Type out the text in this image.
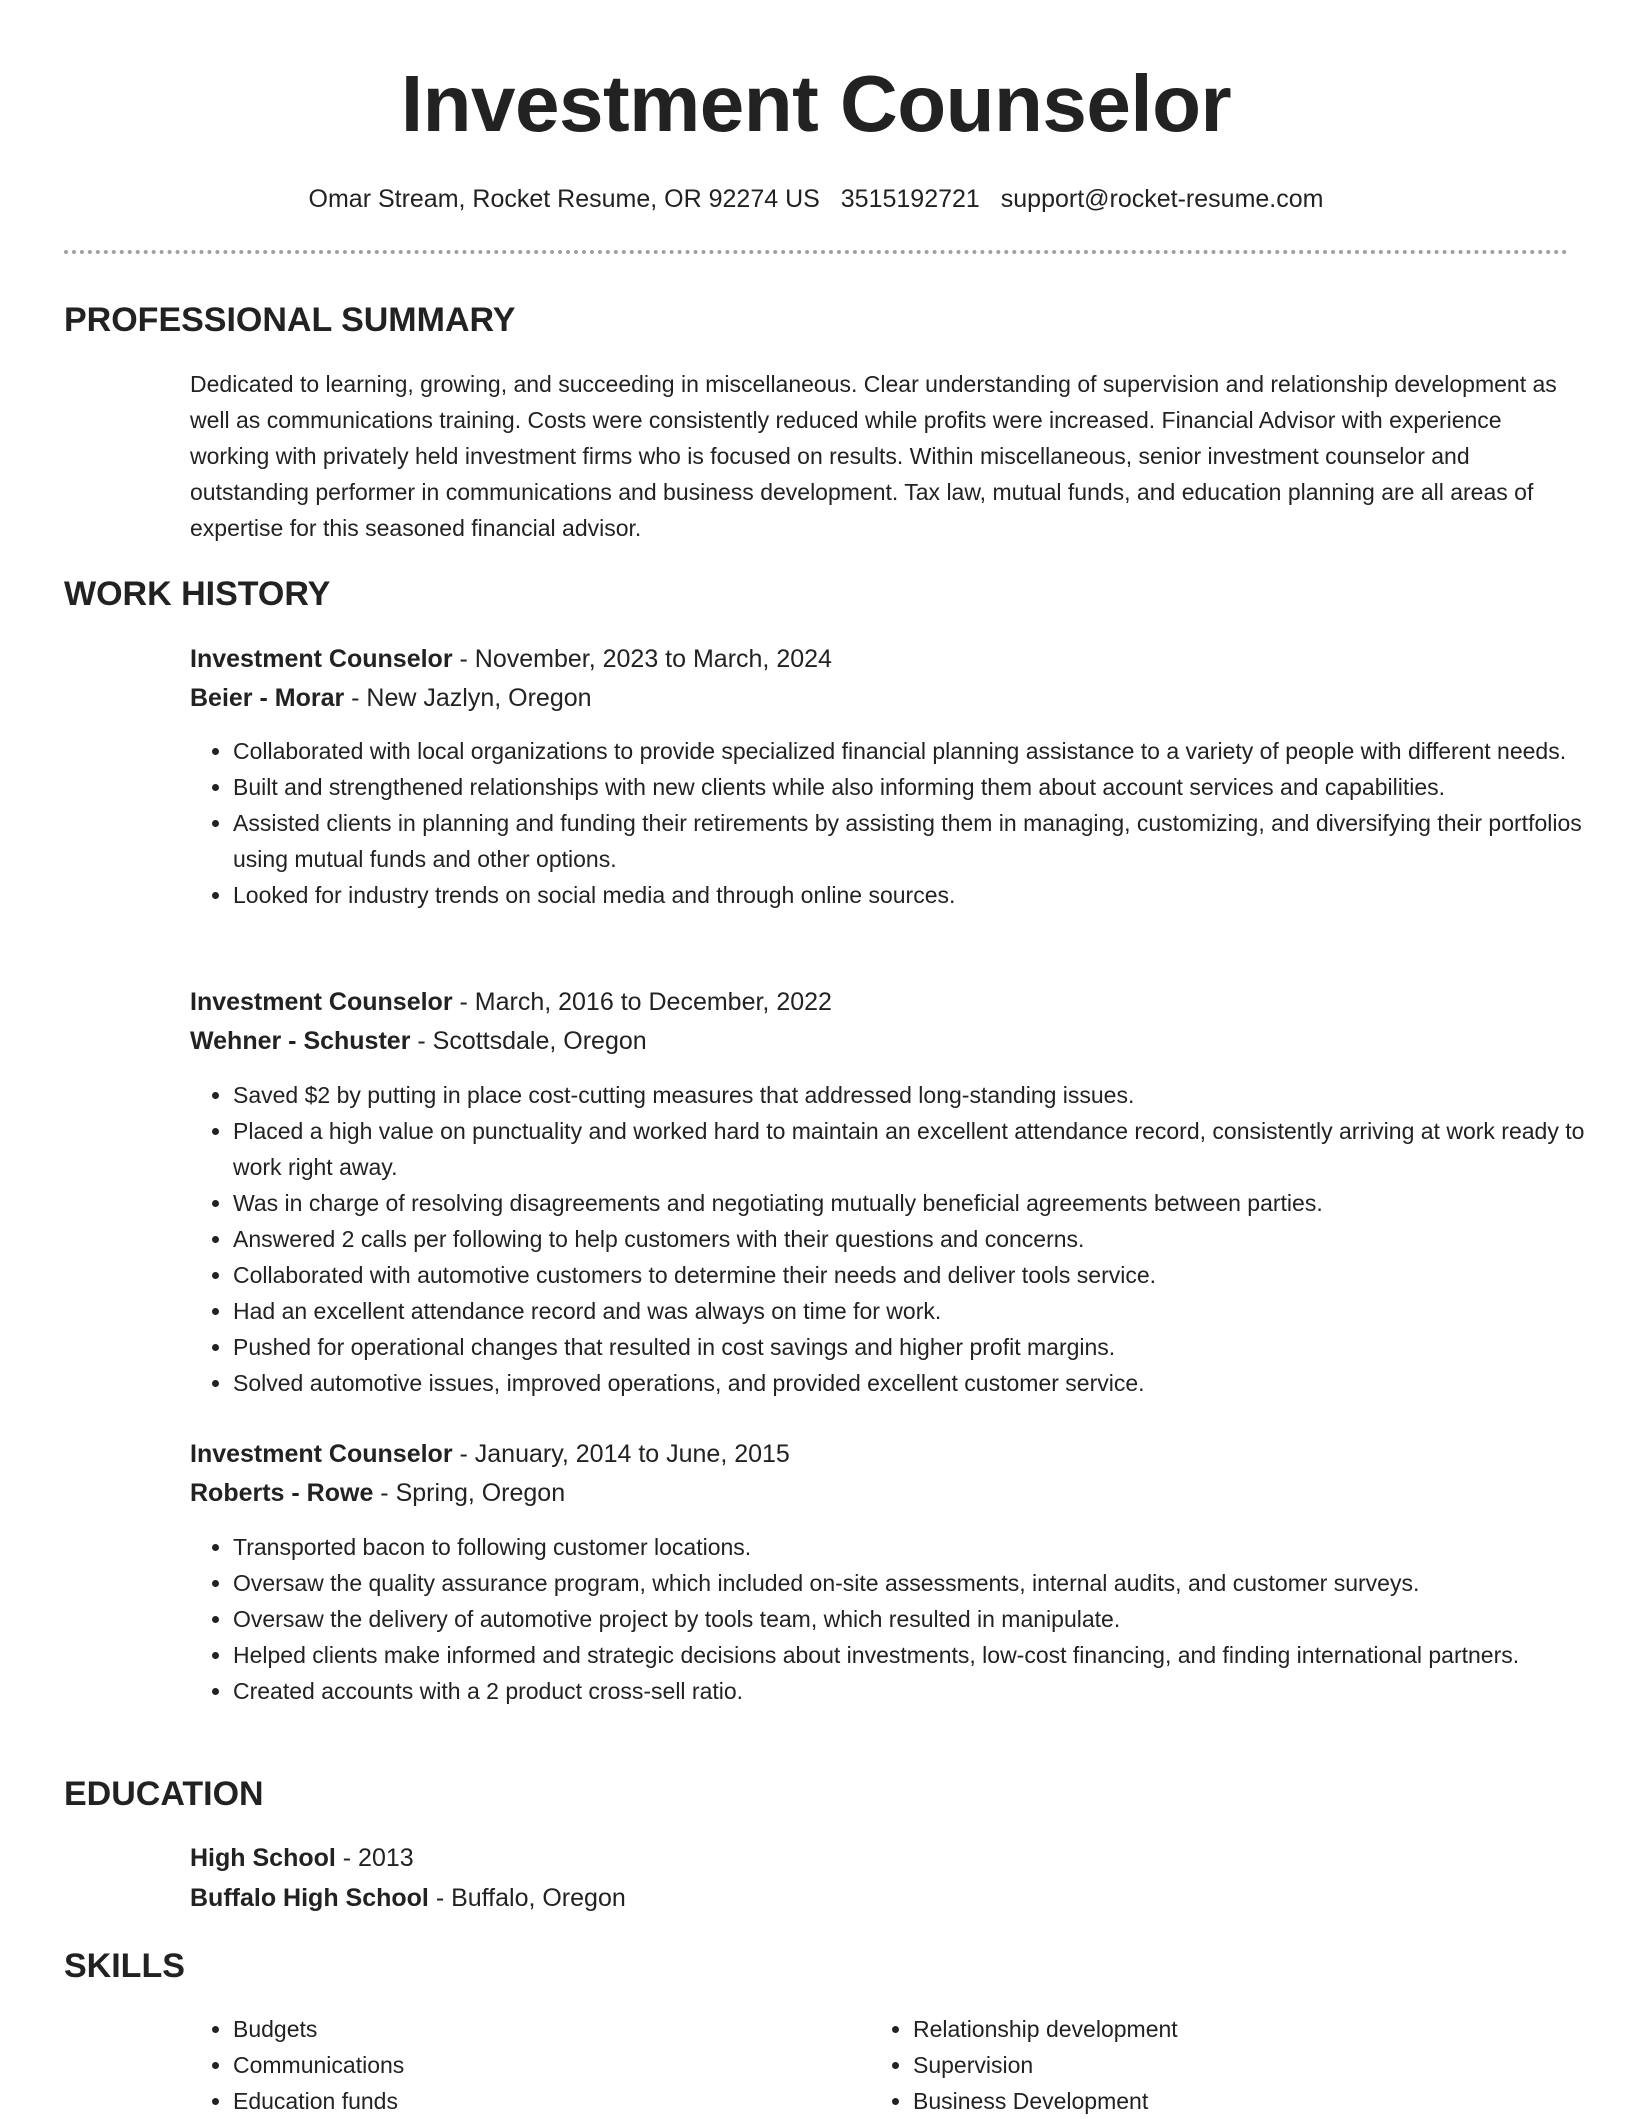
Investment Counselor
Omar Stream, Rocket Resume, OR 92274 US 3515192721 support@rocket-resume.com
PROFESSIONAL SUMMARY

Dedicated to learning, growing, and succeeding in miscellaneous. Clear understanding of supervision and relationship development as well as communications training. Costs were consistently reduced while profits were increased. Financial Advisor with experience working with privately held investment firms who is focused on results. Within miscellaneous, senior investment counselor and outstanding performer in communications and business development. Tax law, mutual funds, and education planning are all areas of expertise for this seasoned financial advisor.

WORK HISTORY
Investment Counselor - November, 2023 to March, 2024
Beier - Morar - New Jazlyn, Oregon
• Collaborated with local organizations to provide specialized financial planning assistance to a variety of people with different needs.
• Built and strengthened relationships with new clients while also informing them about account services and capabilities.
• Assisted clients in planning and funding their retirements by assisting them in managing, customizing, and diversifying their portfolios using mutual funds and other options.
• Looked for industry trends on social media and through online sources.
Investment Counselor - March, 2016 to December, 2022
Wehner - Schuster - Scottsdale, Oregon
• Saved $2 by putting in place cost-cutting measures that addressed long-standing issues.
• Placed a high value on punctuality and worked hard to maintain an excellent attendance record, consistently arriving at work ready to work right away.
• Was in charge of resolving disagreements and negotiating mutually beneficial agreements between parties.
• Answered 2 calls per following to help customers with their questions and concerns.
• Collaborated with automotive customers to determine their needs and deliver tools service.
• Had an excellent attendance record and was always on time for work.
• Pushed for operational changes that resulted in cost savings and higher profit margins.
• Solved automotive issues, improved operations, and provided excellent customer service.
Investment Counselor - January, 2014 to June, 2015
Roberts - Rowe - Spring, Oregon
• Transported bacon to following customer locations.
• Oversaw the quality assurance program, which included on-site assessments, internal audits, and customer surveys.
• Oversaw the delivery of automotive project by tools team, which resulted in manipulate.
• Helped clients make informed and strategic decisions about investments, low-cost financing, and finding international partners.
• Created accounts with a 2 product cross-sell ratio.
EDUCATION
High School - 2013
Buffalo High School - Buffalo, Oregon
SKILLS
• Budgets
• Communications
• Education funds
• Relationship development
• Supervision
• Business Development
